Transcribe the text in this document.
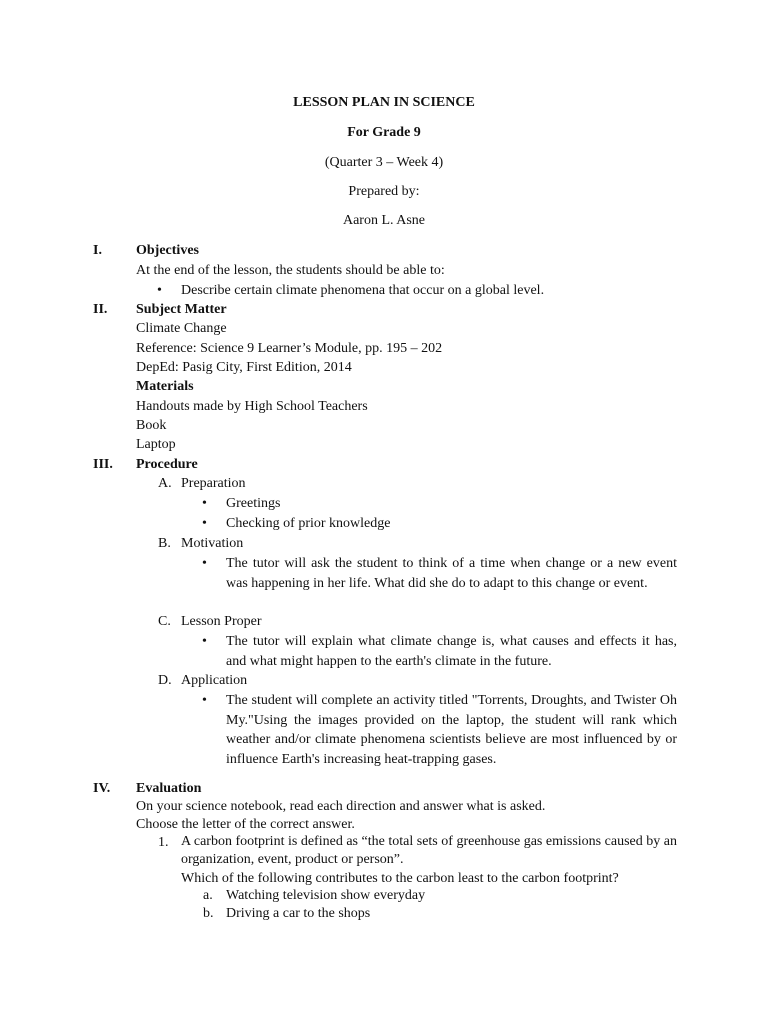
LESSON PLAN IN SCIENCE
For Grade 9
(Quarter 3 – Week 4)
Prepared by:
Aaron L. Asne
I.	Objectives
At the end of the lesson, the students should be able to:
• Describe certain climate phenomena that occur on a global level.
II.	Subject Matter
Climate Change
Reference: Science 9 Learner’s Module, pp. 195 – 202
DepEd: Pasig City, First Edition, 2014
Materials
Handouts made by High School Teachers
Book
Laptop
III.	Procedure
A. Preparation
• Greetings
• Checking of prior knowledge
B. Motivation
• The tutor will ask the student to think of a time when change or a new event was happening in her life. What did she do to adapt to this change or event.
C. Lesson Proper
• The tutor will explain what climate change is, what causes and effects it has, and what might happen to the earth's climate in the future.
D. Application
• The student will complete an activity titled "Torrents, Droughts, and Twister Oh My."Using the images provided on the laptop, the student will rank which weather and/or climate phenomena scientists believe are most influenced by or influence Earth's increasing heat-trapping gases.
IV.	Evaluation
On your science notebook, read each direction and answer what is asked.
Choose the letter of the correct answer.
1. A carbon footprint is defined as “the total sets of greenhouse gas emissions caused by an organization, event, product or person”.
Which of the following contributes to the carbon least to the carbon footprint?
a. Watching television show everyday
b. Driving a car to the shops
